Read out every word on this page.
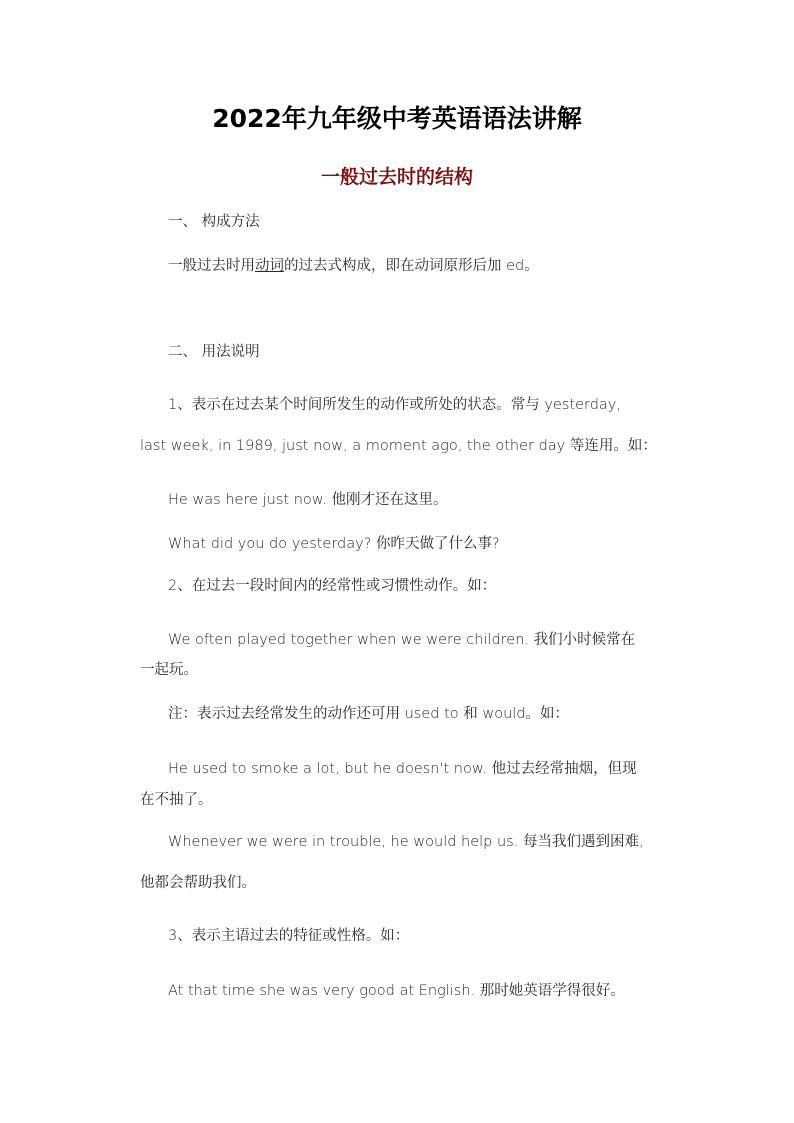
2022年九年级中考英语语法讲解
一般过去时的结构
一、 构成方法
一般过去时用动词的过去式构成，即在动词原形后加 ed。
二、 用法说明
1、表示在过去某个时间所发生的动作或所处的状态。常与 yesterday,
last week, in 1989, just now, a moment ago, the other day 等连用。如：
He was here just now. 他刚才还在这里。
What did you do yesterday? 你昨天做了什么事?
2、在过去一段时间内的经常性或习惯性动作。如：
We often played together when we were children. 我们小时候常在
一起玩。
注：表示过去经常发生的动作还可用 used to 和 would。如：
He used to smoke a lot, but he doesn't now. 他过去经常抽烟，但现
在不抽了。
Whenever we were in trouble, he would help us. 每当我们遇到困难,
他都会帮助我们。
3、表示主语过去的特征或性格。如：
At that time she was very good at English. 那时她英语学得很好。
